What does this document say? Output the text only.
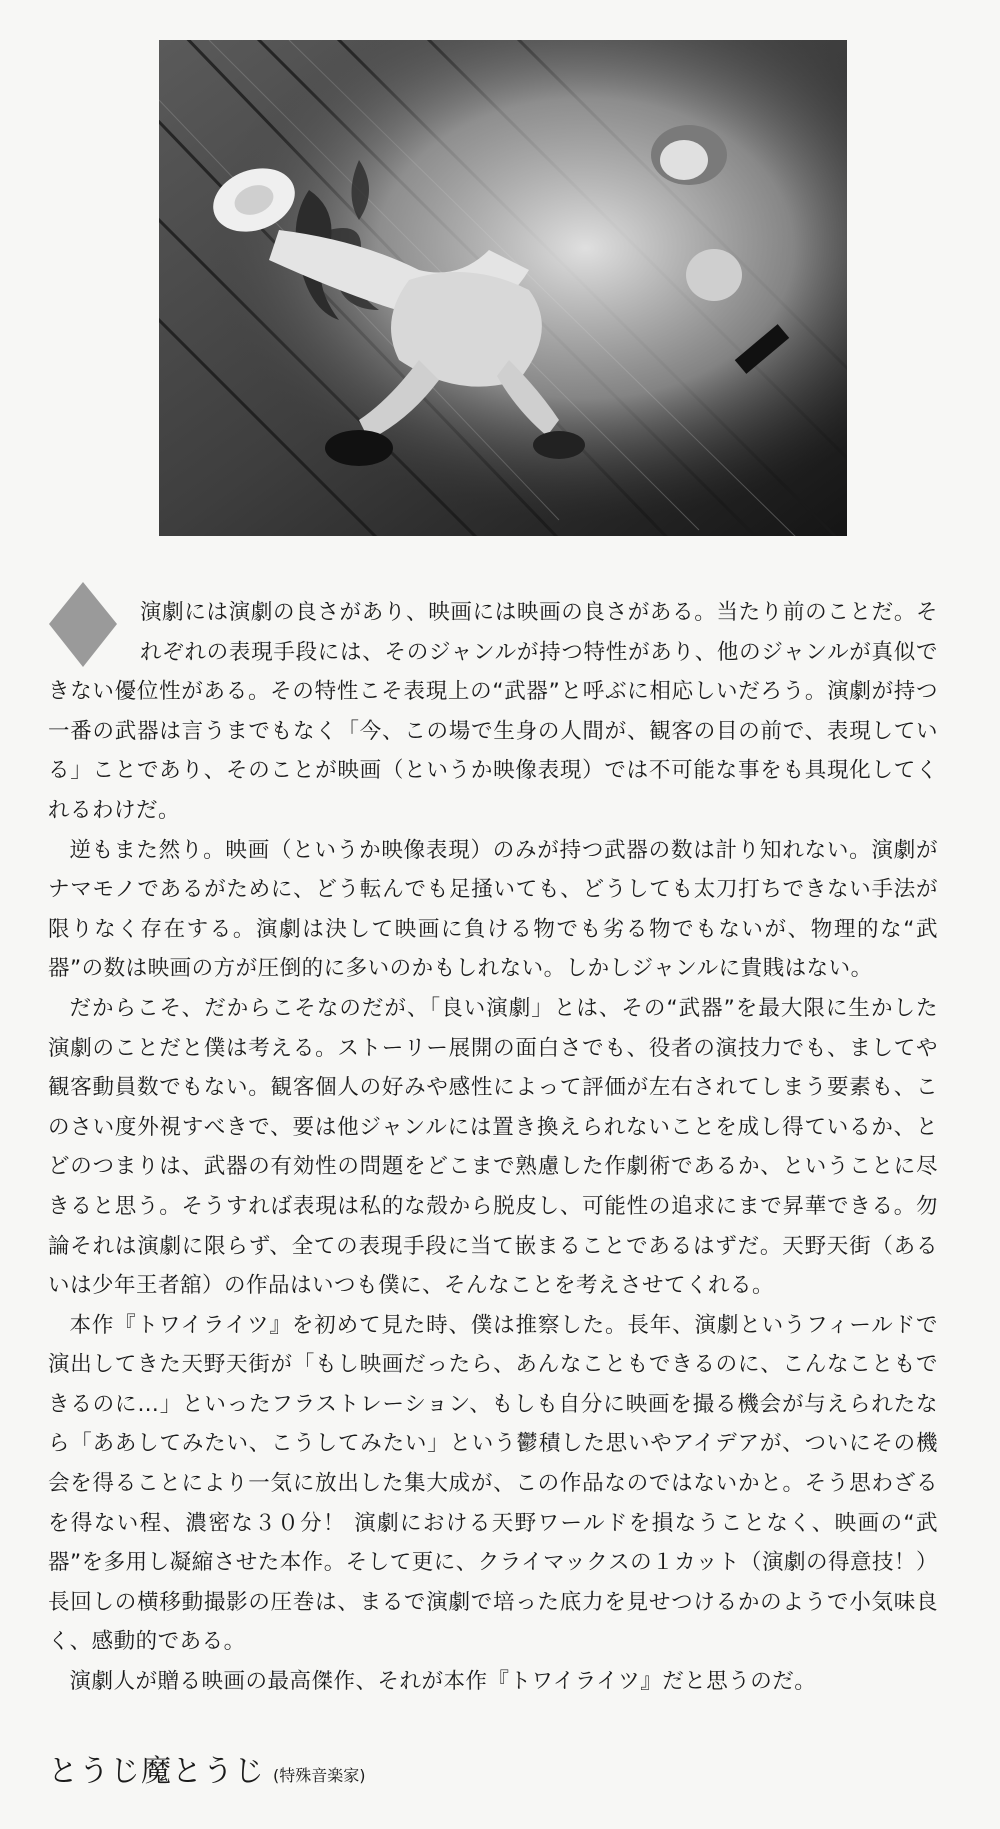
演劇には演劇の良さがあり、映画には映画の良さがある。当たり前のことだ。それぞれの表現手段には、そのジャンルが持つ特性があり、他のジャンルが真似できない優位性がある。その特性こそ表現上の“武器”と呼ぶに相応しいだろう。演劇が持つ一番の武器は言うまでもなく「今、この場で生身の人間が、観客の目の前で、表現している」ことであり、そのことが映画（というか映像表現）では不可能な事をも具現化してくれるわけだ。

逆もまた然り。映画（というか映像表現）のみが持つ武器の数は計り知れない。演劇がナマモノであるがために、どう転んでも足掻いても、どうしても太刀打ちできない手法が限りなく存在する。演劇は決して映画に負ける物でも劣る物でもないが、物理的な“武器”の数は映画の方が圧倒的に多いのかもしれない。しかしジャンルに貴賎はない。

だからこそ、だからこそなのだが、「良い演劇」とは、その“武器”を最大限に生かした演劇のことだと僕は考える。ストーリー展開の面白さでも、役者の演技力でも、ましてや観客動員数でもない。観客個人の好みや感性によって評価が左右されてしまう要素も、このさい度外視すべきで、要は他ジャンルには置き換えられないことを成し得ているか、とどのつまりは、武器の有効性の問題をどこまで熟慮した作劇術であるか、ということに尽きると思う。そうすれば表現は私的な殻から脱皮し、可能性の追求にまで昇華できる。勿論それは演劇に限らず、全ての表現手段に当て嵌まることであるはずだ。天野天街（あるいは少年王者舘）の作品はいつも僕に、そんなことを考えさせてくれる。

本作『トワイライツ』を初めて見た時、僕は推察した。長年、演劇というフィールドで演出してきた天野天街が「もし映画だったら、あんなこともできるのに、こんなこともできるのに…」といったフラストレーション、もしも自分に映画を撮る機会が与えられたなら「ああしてみたい、こうしてみたい」という鬱積した思いやアイデアが、ついにその機会を得ることにより一気に放出した集大成が、この作品なのではないかと。そう思わざるを得ない程、濃密な３０分！ 演劇における天野ワールドを損なうことなく、映画の“武器”を多用し凝縮させた本作。そして更に、クライマックスの１カット（演劇の得意技！）長回しの横移動撮影の圧巻は、まるで演劇で培った底力を見せつけるかのようで小気味良く、感動的である。

演劇人が贈る映画の最高傑作、それが本作『トワイライツ』だと思うのだ。

とうじ魔とうじ (特殊音楽家)
